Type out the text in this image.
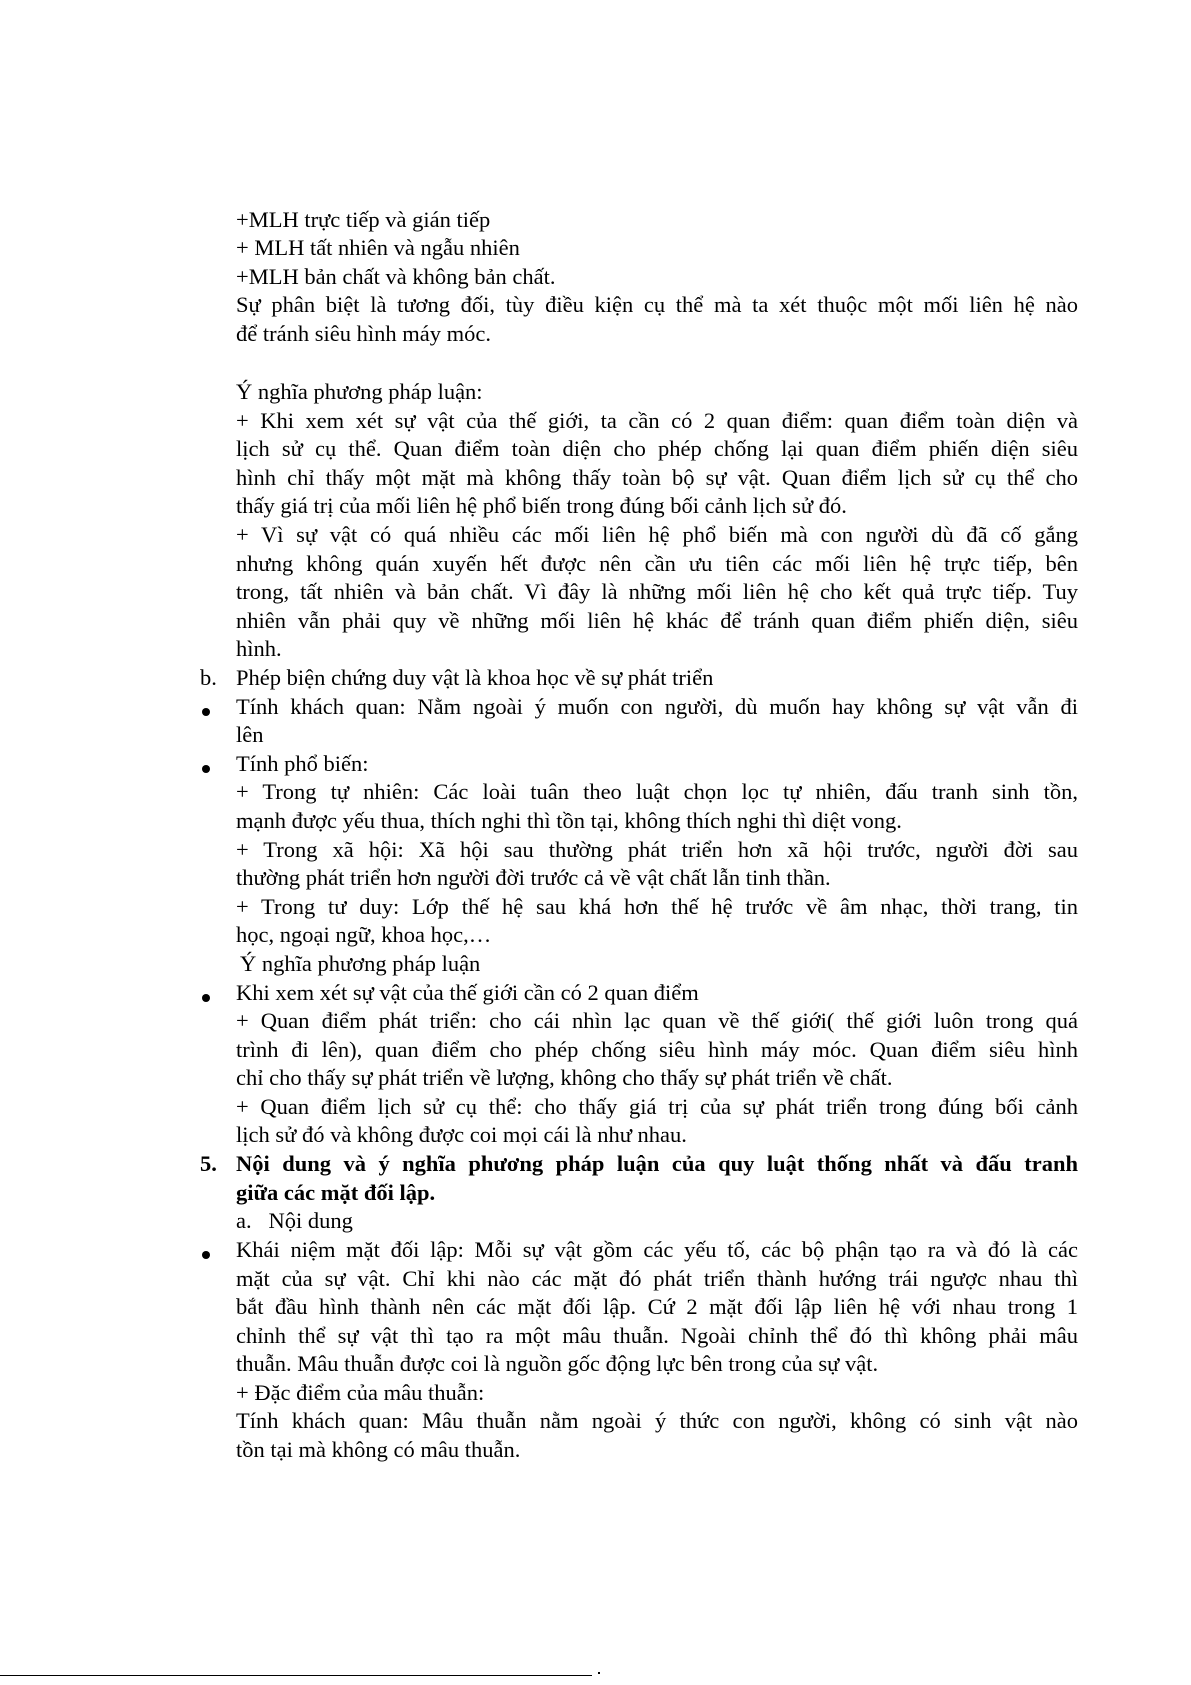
+MLH trực tiếp và gián tiếp
+ MLH tất nhiên và ngẫu nhiên
+MLH bản chất và không bản chất.
Sự phân biệt là tương đối, tùy điều kiện cụ thể mà ta xét thuộc một mối liên hệ nào
để tránh siêu hình máy móc.
Ý nghĩa phương pháp luận:
+ Khi xem xét sự vật của thế giới, ta cần có 2 quan điểm: quan điểm toàn diện và
lịch sử cụ thể. Quan điểm toàn diện cho phép chống lại quan điểm phiến diện siêu
hình chỉ thấy một mặt mà không thấy toàn bộ sự vật. Quan điểm lịch sử cụ thể cho
thấy giá trị của mối liên hệ phổ biến trong đúng bối cảnh lịch sử đó.
+ Vì sự vật có quá nhiều các mối liên hệ phổ biến mà con người dù đã cố gắng
nhưng không quán xuyến hết được nên cần ưu tiên các mối liên hệ trực tiếp, bên
trong, tất nhiên và bản chất. Vì đây là những mối liên hệ cho kết quả trực tiếp. Tuy
nhiên vẫn phải quy về những mối liên hệ khác để tránh quan điểm phiến diện, siêu
hình.
b. Phép biện chứng duy vật là khoa học về sự phát triển
Tính khách quan: Nằm ngoài ý muốn con người, dù muốn hay không sự vật vẫn đi
lên
Tính phổ biến:
+ Trong tự nhiên: Các loài tuân theo luật chọn lọc tự nhiên, đấu tranh sinh tồn,
mạnh được yếu thua, thích nghi thì tồn tại, không thích nghi thì diệt vong.
+ Trong xã hội: Xã hội sau thường phát triển hơn xã hội trước, người đời sau
thường phát triển hơn người đời trước cả về vật chất lẫn tinh thần.
+ Trong tư duy: Lớp thế hệ sau khá hơn thế hệ trước về âm nhạc, thời trang, tin
học, ngoại ngữ, khoa học,…
Ý nghĩa phương pháp luận
Khi xem xét sự vật của thế giới cần có 2 quan điểm
+ Quan điểm phát triển: cho cái nhìn lạc quan về thế giới( thế giới luôn trong quá
trình đi lên), quan điểm cho phép chống siêu hình máy móc. Quan điểm siêu hình
chỉ cho thấy sự phát triển về lượng, không cho thấy sự phát triển về chất.
+ Quan điểm lịch sử cụ thể: cho thấy giá trị của sự phát triển trong đúng bối cảnh
lịch sử đó và không được coi mọi cái là như nhau.
5. Nội dung và ý nghĩa phương pháp luận của quy luật thống nhất và đấu tranh
giữa các mặt đối lập.
a.   Nội dung
Khái niệm mặt đối lập: Mỗi sự vật gồm các yếu tố, các bộ phận tạo ra và đó là các
mặt của sự vật. Chỉ khi nào các mặt đó phát triển thành hướng trái ngược nhau thì
bắt đầu hình thành nên các mặt đối lập. Cứ 2 mặt đối lập liên hệ với nhau trong 1
chỉnh thể sự vật thì tạo ra một mâu thuẫn. Ngoài chỉnh thể đó thì không phải mâu
thuẫn. Mâu thuẫn được coi là nguồn gốc động lực bên trong của sự vật.
+ Đặc điểm của mâu thuẫn:
Tính khách quan: Mâu thuẫn nằm ngoài ý thức con người, không có sinh vật nào
tồn tại mà không có mâu thuẫn.
